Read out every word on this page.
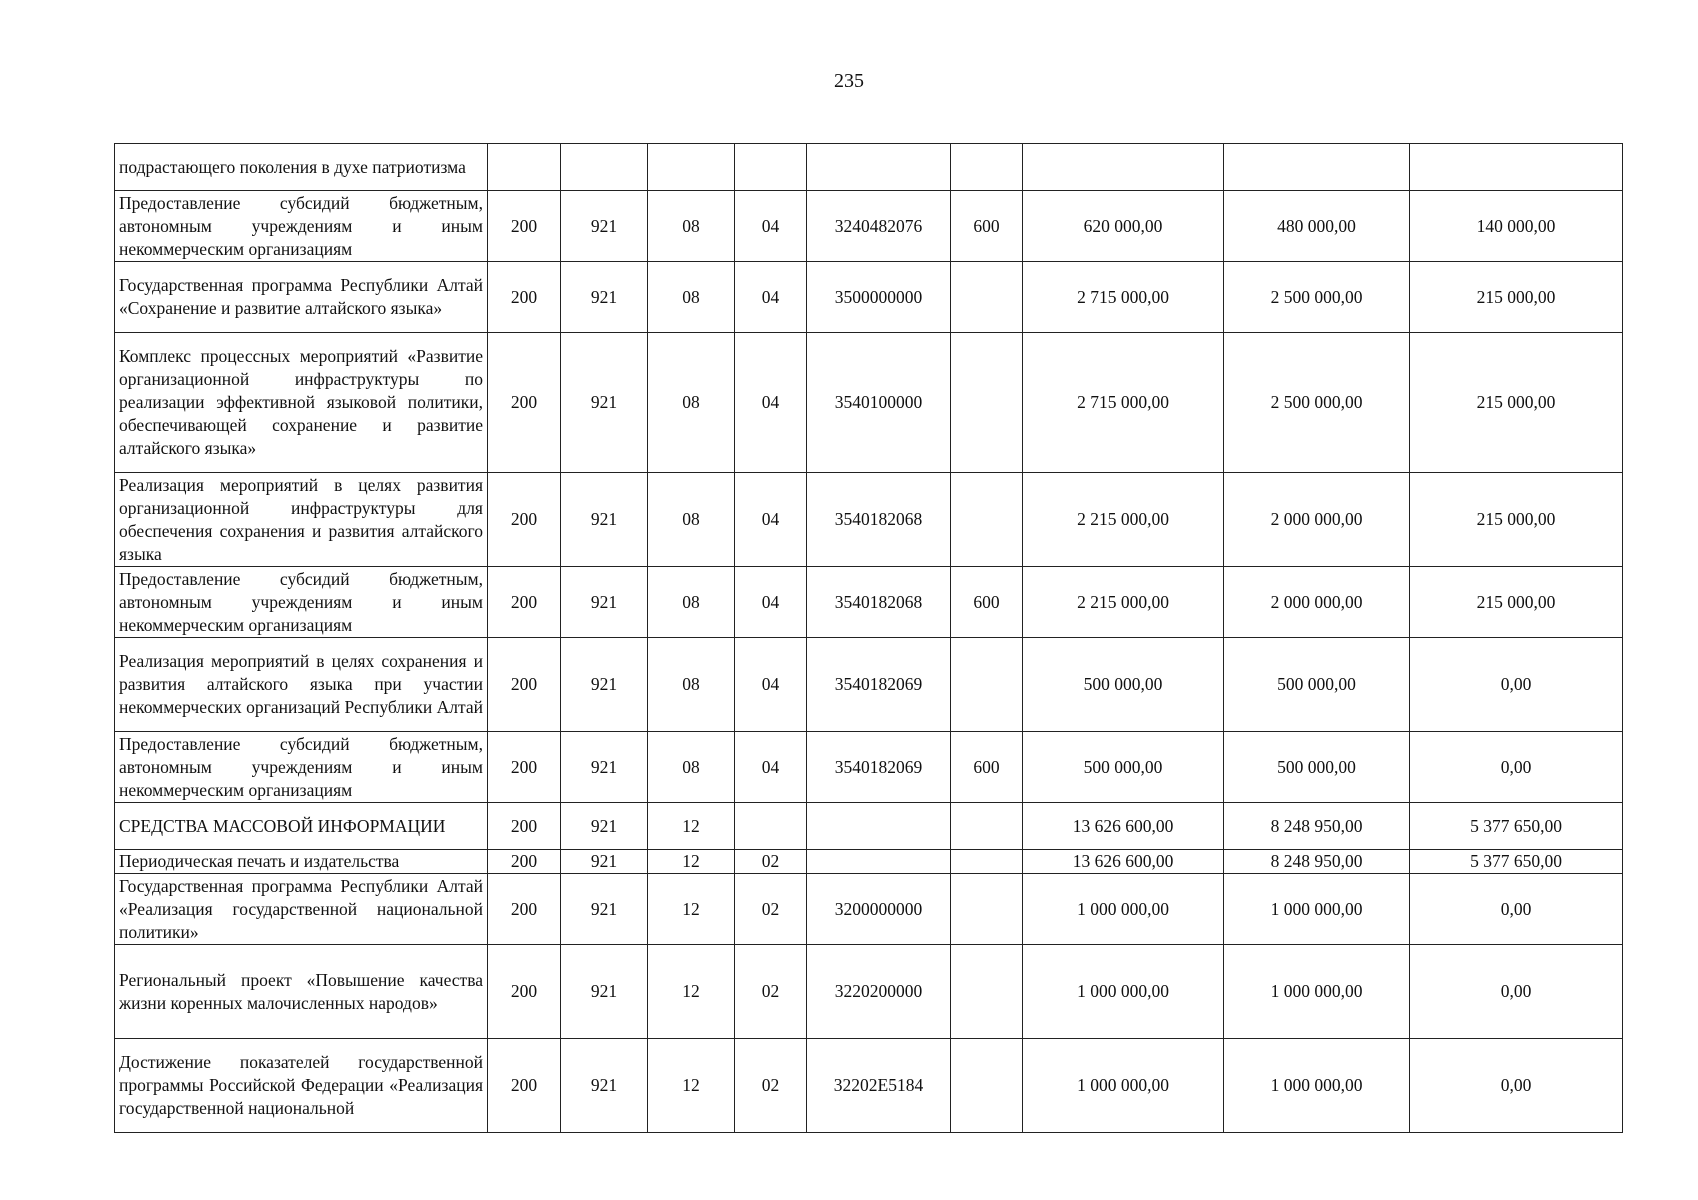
235
подрастающего поколения в духе патриотизма									
Предоставление субсидий бюджетным, автономным учреждениям и иным некоммерческим организациям	200	921	08	04	3240482076	600	620 000,00	480 000,00	140 000,00
Государственная программа Республики Алтай «Сохранение и развитие алтайского языка»	200	921	08	04	3500000000		2 715 000,00	2 500 000,00	215 000,00
Комплекс процессных мероприятий «Развитие организационной инфраструктуры по реализации эффективной языковой политики, обеспечивающей сохранение и развитие алтайского языка»	200	921	08	04	3540100000		2 715 000,00	2 500 000,00	215 000,00
Реализация мероприятий в целях развития организационной инфраструктуры для обеспечения сохранения и развития алтайского языка	200	921	08	04	3540182068		2 215 000,00	2 000 000,00	215 000,00
Предоставление субсидий бюджетным, автономным учреждениям и иным некоммерческим организациям	200	921	08	04	3540182068	600	2 215 000,00	2 000 000,00	215 000,00
Реализация мероприятий в целях сохранения и развития алтайского языка при участии некоммерческих организаций Республики Алтай	200	921	08	04	3540182069		500 000,00	500 000,00	0,00
Предоставление субсидий бюджетным, автономным учреждениям и иным некоммерческим организациям	200	921	08	04	3540182069	600	500 000,00	500 000,00	0,00
СРЕДСТВА МАССОВОЙ ИНФОРМАЦИИ	200	921	12				13 626 600,00	8 248 950,00	5 377 650,00
Периодическая печать и издательства	200	921	12	02			13 626 600,00	8 248 950,00	5 377 650,00
Государственная программа Республики Алтай «Реализация государственной национальной политики»	200	921	12	02	3200000000		1 000 000,00	1 000 000,00	0,00
Региональный проект «Повышение качества жизни коренных малочисленных народов»	200	921	12	02	3220200000		1 000 000,00	1 000 000,00	0,00
Достижение показателей государственной программы Российской Федерации «Реализация государственной национальной	200	921	12	02	32202E5184		1 000 000,00	1 000 000,00	0,00
